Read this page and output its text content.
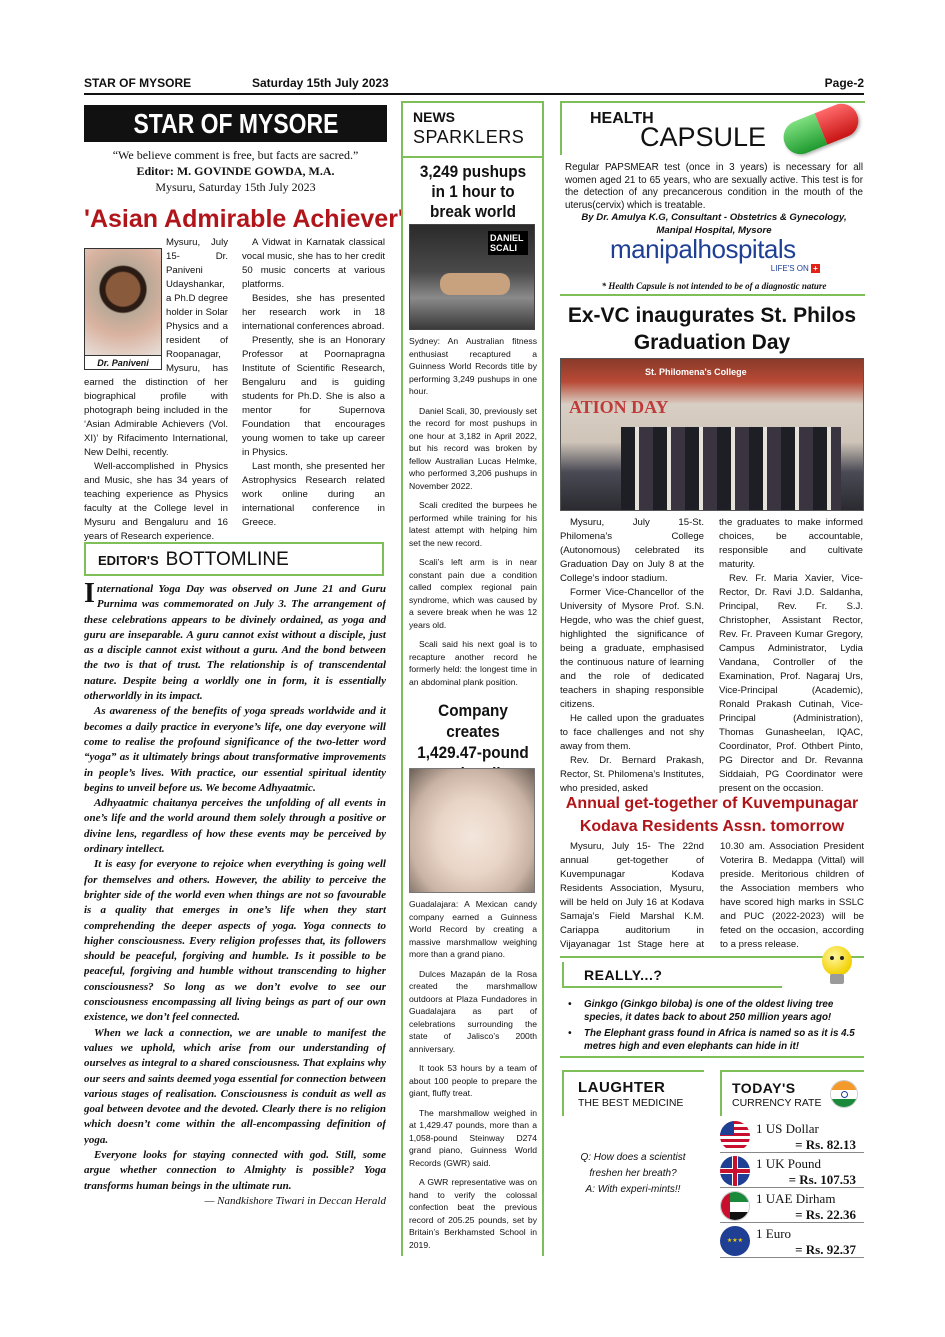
STAR OF MYSORE	Saturday 15th July 2023	Page-2
STAR OF MYSORE
“We believe comment is free, but facts are sacred.”
Editor: M. GOVINDE GOWDA, M.A.
Mysuru, Saturday 15th July 2023
'Asian Admirable Achiever'
Dr. Paniveni

Mysuru, July 15- Dr. Paniveni Udayshankar, a Ph.D degree holder in Solar Physics and a resident of Roopanagar, Mysuru, has earned the distinction of her biographical profile with photograph being included in the ‘Asian Admirable Achievers (Vol. XI)’ by Rifacimento International, New Delhi, recently.

Well-accomplished in Physics and Music, she has 34 years of teaching experience as Physics faculty at the College level in Mysuru and Bengaluru and 16 years of Research experience.

A Vidwat in Karnatak classical vocal music, she has to her credit 50 music concerts at various platforms.

Besides, she has presented her research work in 18 international conferences abroad.

Presently, she is an Honorary Professor at Poornapragna Institute of Scientific Research, Bengaluru and is guiding students for Ph.D. She is also a mentor for Supernova Foundation that encourages young women to take up career in Physics.

Last month, she presented her Astrophysics Research related work online during an international conference in Greece.

EDITOR'S BOTTOMLINE

International Yoga Day was observed on June 21 and Guru Purnima was commemorated on July 3. The arrangement of these celebrations appears to be divinely ordained, as yoga and guru are inseparable. A guru cannot exist without a disciple, just as a disciple cannot exist without a guru. And the bond between the two is that of trust. The relationship is of transcendental nature. Despite being a worldly one in form, it is essentially otherworldly in its impact.

As awareness of the benefits of yoga spreads worldwide and it becomes a daily practice in everyone’s life, one day everyone will come to realise the profound significance of the two-letter word “yoga” as it ultimately brings about transformative improvements in people’s lives. With practice, our essential spiritual identity begins to unveil before us. We become Adhyaatmic.

Adhyaatmic chaitanya perceives the unfolding of all events in one’s life and the world around them solely through a positive or divine lens, regardless of how these events may be perceived by ordinary intellect.

It is easy for everyone to rejoice when everything is going well for themselves and others. However, the ability to perceive the brighter side of the world even when things are not so favourable is a quality that emerges in one’s life when they start comprehending the deeper aspects of yoga. Yoga connects to higher consciousness. Every religion professes that, its followers should be peaceful, forgiving and humble. Is it possible to be peaceful, forgiving and humble without transcending to higher consciousness? So long as we don’t evolve to see our consciousness encompassing all living beings as part of our own existence, we don’t feel connected.

When we lack a connection, we are unable to manifest the values we uphold, which arise from our understanding of ourselves as integral to a shared consciousness. That explains why our seers and saints deemed yoga essential for connection between various stages of realisation. Consciousness is conduit as well as goal between devotee and the devoted. Clearly there is no religion which doesn’t come within the all-encompassing definition of yoga.

Everyone looks for staying connected with god. Still, some argue whether connection to Almighty is possible? Yoga transforms human beings in the ultimate run.

— Nandkishore Tiwari in Deccan Herald
NEWS
SPARKLERS
3,249 pushups in 1 hour to break world
DANIEL SCALI

Sydney: An Australian fitness enthusiast recaptured a Guinness World Records title by performing 3,249 pushups in one hour.

Daniel Scali, 30, previously set the record for most pushups in one hour at 3,182 in April 2022, but his record was broken by fellow Australian Lucas Helmke, who performed 3,206 pushups in November 2022.

Scali credited the burpees he performed while training for his latest attempt with helping him set the new record.

Scali’s left arm is in near constant pain due a condition called complex regional pain syndrome, which was caused by a severe break when he was 12 years old.

Scali said his next goal is to recapture another record he formerly held: the longest time in an abdominal plank position.

Company creates 1,429.47-pound

Guadalajara: A Mexican candy company earned a Guinness World Record by creating a massive marshmallow weighing more than a grand piano.

Dulces Mazapán de la Rosa created the marshmallow outdoors at Plaza Fundadores in Guadalajara as part of celebrations surrounding the state of Jalisco’s 200th anniversary.

It took 53 hours by a team of about 100 people to prepare the giant, fluffy treat.

The marshmallow weighed in at 1,429.47 pounds, more than a 1,058-pound Steinway D274 grand piano, Guinness World Records (GWR) said.

A GWR representative was on hand to verify the colossal confection beat the previous record of 205.25 pounds, set by Britain’s Berkhamsted School in 2019.

HEALTH
CAPSULE
Regular PAPSMEAR test (once in 3 years) is necessary for all women aged 21 to 65 years, who are sexually active. This test is for the detection of any precancerous condition in the mouth of the uterus(cervix) which is treatable.
By Dr. Amulya K.G, Consultant - Obstetrics & Gynecology, Manipal Hospital, Mysore
manipalhospitals
LIFE'S ON +
* Health Capsule is not intended to be of a diagnostic nature
Ex-VC inaugurates St. Philos Graduation Day
ATION DAY
St. Philomena's College

Mysuru, July 15-St. Philomena’s College (Autonomous) celebrated its Graduation Day on July 8 at the College’s indoor stadium.

Former Vice-Chancellor of the University of Mysore Prof. S.N. Hegde, who was the chief guest, highlighted the significance of being a graduate, emphasised the continuous nature of learning and the role of dedicated teachers in shaping responsible citizens.

He called upon the graduates to face challenges and not shy away from them.

Rev. Dr. Bernard Prakash, Rector, St. Philomena’s Institutes, who presided, asked

the graduates to make informed choices, be accountable, responsible and cultivate maturity.

Rev. Fr. Maria Xavier, Vice-Rector, Dr. Ravi J.D. Saldanha, Principal, Rev. Fr. S.J. Christopher, Assistant Rector, Rev. Fr. Praveen Kumar Gregory, Campus Administrator, Lydia Vandana, Controller of the Examination, Prof. Nagaraj Urs, Vice-Principal (Academic), Ronald Prakash Cutinah, Vice-Principal (Administration), Thomas Gunasheelan, IQAC, Coordinator, Prof. Othbert Pinto, PG Director and Dr. Revanna Siddaiah, PG Coordinator were present on the occasion.

Annual get-together of Kuvempunagar
Kodava Residents Assn. tomorrow

Mysuru, July 15- The 22nd annual get-together of Kuvempunagar Kodava Residents Association, Mysuru, will be held on July 16 at Kodava Samaja’s Field Marshal K.M. Cariappa auditorium in Vijayanagar 1st Stage here at 10.30 am. Association President Voterira B. Medappa (Vittal) will preside. Meritorious children of the Association members who have scored high marks in SSLC and PUC (2022-2023) will be feted on the occasion, according to a press release.

REALLY...?
• Ginkgo (Ginkgo biloba) is one of the oldest living tree species, it dates back to about 250 million years ago!
• The Elephant grass found in Africa is named so as it is 4.5 metres high and even elephants can hide in it!
LAUGHTER
THE BEST MEDICINE
Q: How does a scientist
freshen her breath?
A: With experi-mints!!
TODAY'S
CURRENCY RATE
1 US Dollar
= Rs. 82.13
1 UK Pound
= Rs. 107.53
1 UAE Dirham
= Rs. 22.36
★★★ 1 Euro
= Rs. 92.37
